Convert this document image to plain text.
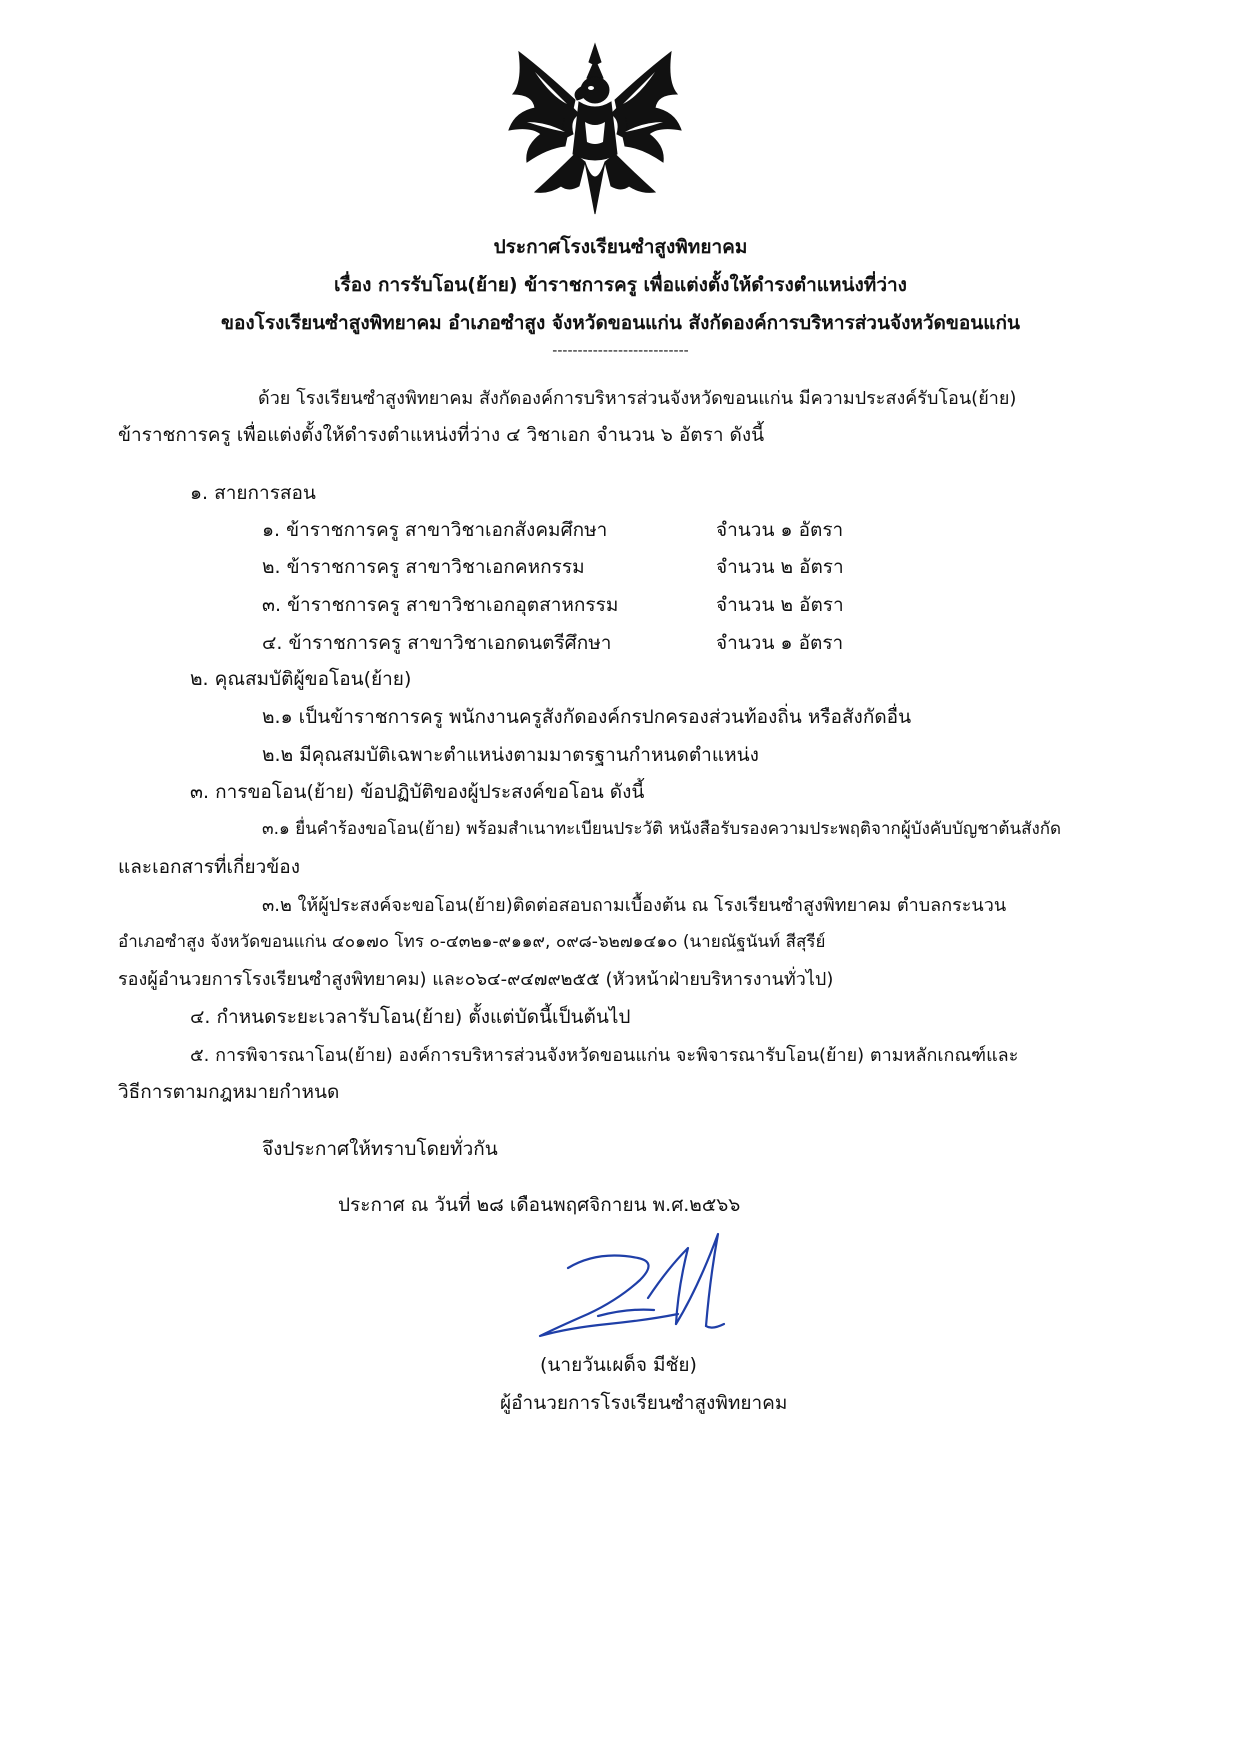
ประกาศโรงเรียนซำสูงพิทยาคม
เรื่อง การรับโอน(ย้าย) ข้าราชการครู เพื่อแต่งตั้งให้ดำรงตำแหน่งที่ว่าง
ของโรงเรียนซำสูงพิทยาคม อำเภอซำสูง จังหวัดขอนแก่น สังกัดองค์การบริหารส่วนจังหวัดขอนแก่น
---------------------------
ด้วย โรงเรียนซำสูงพิทยาคม สังกัดองค์การบริหารส่วนจังหวัดขอนแก่น มีความประสงค์รับโอน(ย้าย)
ข้าราชการครู เพื่อแต่งตั้งให้ดำรงตำแหน่งที่ว่าง ๔ วิชาเอก จำนวน ๖ อัตรา ดังนี้
๑. สายการสอน
๑. ข้าราชการครู สาขาวิชาเอกสังคมศึกษา	จำนวน ๑ อัตรา
๒. ข้าราชการครู สาขาวิชาเอกคหกรรม	จำนวน ๒ อัตรา
๓. ข้าราชการครู สาขาวิชาเอกอุตสาหกรรม	จำนวน ๒ อัตรา
๔. ข้าราชการครู สาขาวิชาเอกดนตรีศึกษา	จำนวน ๑ อัตรา
๒. คุณสมบัติผู้ขอโอน(ย้าย)
๒.๑ เป็นข้าราชการครู พนักงานครูสังกัดองค์กรปกครองส่วนท้องถิ่น หรือสังกัดอื่น
๒.๒ มีคุณสมบัติเฉพาะตำแหน่งตามมาตรฐานกำหนดตำแหน่ง
๓. การขอโอน(ย้าย) ข้อปฏิบัติของผู้ประสงค์ขอโอน ดังนี้
๓.๑ ยื่นคำร้องขอโอน(ย้าย) พร้อมสำเนาทะเบียนประวัติ หนังสือรับรองความประพฤติจากผู้บังคับบัญชาต้นสังกัด
และเอกสารที่เกี่ยวข้อง
๓.๒ ให้ผู้ประสงค์จะขอโอน(ย้าย)ติดต่อสอบถามเบื้องต้น ณ โรงเรียนซำสูงพิทยาคม ตำบลกระนวน
อำเภอซำสูง จังหวัดขอนแก่น ๔๐๑๗๐ โทร ๐-๔๓๒๑-๙๑๑๙, ๐๙๘-๖๒๗๑๔๑๐ (นายณัฐนันท์ สีสุรีย์
รองผู้อำนวยการโรงเรียนซำสูงพิทยาคม) และ๐๖๔-๙๔๗๙๒๕๕ (หัวหน้าฝ่ายบริหารงานทั่วไป)
๔. กำหนดระยะเวลารับโอน(ย้าย) ตั้งแต่บัดนี้เป็นต้นไป
๕. การพิจารณาโอน(ย้าย) องค์การบริหารส่วนจังหวัดขอนแก่น จะพิจารณารับโอน(ย้าย) ตามหลักเกณฑ์และ
วิธีการตามกฎหมายกำหนด
จึงประกาศให้ทราบโดยทั่วกัน
ประกาศ ณ วันที่ ๒๘ เดือนพฤศจิกายน พ.ศ.๒๕๖๖
(นายวันเผด็จ มีชัย)
ผู้อำนวยการโรงเรียนซำสูงพิทยาคม
